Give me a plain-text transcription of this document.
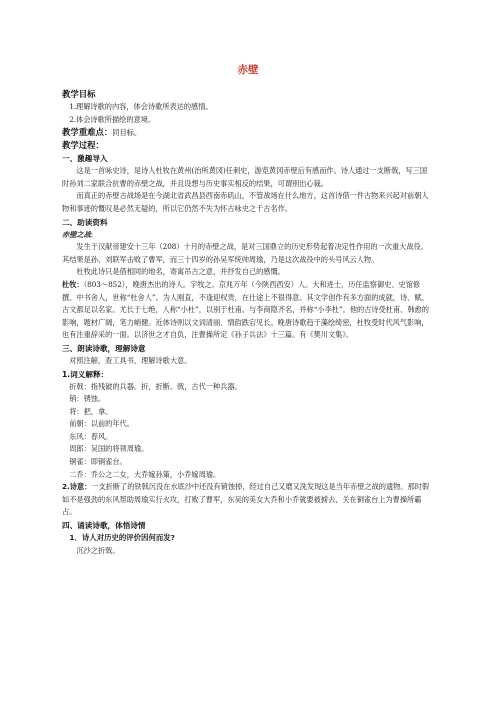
赤壁
教学目标

1.理解诗歌的内容，体会诗歌所表达的感情。

2.体会诗歌所描绘的意境。

教学重难点：同目标。
教学过程：
一、激趣导入

这是一首咏史诗，是诗人杜牧在黄州(治所黄冈)任刺史，游览黄冈赤壁后有感而作。诗人通过一支断戟，写三国时孙刘二家联合抗曹的赤壁之战，并且设想与历史事实相反的结果，可谓别出心裁。

而真正的赤壁古战场是在今湖北省武昌县西南赤矶山，不管战场在什么地方，这首诗借一件古物来兴起对前朝人物和事迹的慨叹是必然无疑的，所以它仍然不失为怀古咏史之千古名作。

二、助读资料

赤壁之战:

发生于汉献帝建安十三年（208）十月的赤壁之战，是对三国鼎立的历史形势起着决定性作用的一次重大战役。其结果是孙、刘联军击败了曹军，而三十四岁的孙吴军统帅周瑜，乃是这次战役中的头号风云人物。

杜牧此诗只是借相同的地名，寄寓吊古之意，并抒发自己的感慨。

杜牧：（803～852），晚唐杰出的诗人。字牧之。京兆万年（今陕西西安）人。大和进士，历任监察御史、史馆修撰、中书舍人，世称“杜舍人”。为人刚直，不逢迎权贵，在仕途上不很得意。其文学创作有多方面的成就，诗、赋、古文都足以名家。尤长于七绝，人称“小杜”，以别于杜甫。与李商隐齐名，并称“小李杜”。他的古诗受杜甫、韩愈的影响，题材广阔，笔力峭健。近体诗则以文词清丽、情韵跌宕见长。晚唐诗歌趋于藻绘绮密，杜牧受时代风气影响，也有注重辞采的一面。以济世之才自负，注曹操所定《孙子兵法》十三篇。有《樊川文集》。

三、朗读诗歌，理解诗意

对照注解，查工具书，理解诗歌大意。

1.词义解释：

折戟：指残破的兵器。折，折断。戟，古代一种兵器。

销：锈蚀。

将：把，拿。

前朝：以前的年代。

东风：春风。

周郎：吴国的将领周瑜。

铜雀：即铜雀台。

二乔：乔公之二女，大乔嫁孙策，小乔嫁周瑜。

2.诗意：一支折断了的铁戟沉没在水底沙中还没有销蚀掉，经过自己又磨又洗发现这是当年赤壁之战的遗物。那时假如不是强劲的东风帮助周瑜实行火攻，打败了曹军，东吴的美女大乔和小乔就要被掳去，关在铜雀台上为曹操所霸占。

四、诵读诗歌，体悟诗情

1．诗人对历史的评价因何而发?

沉沙之折戟。
